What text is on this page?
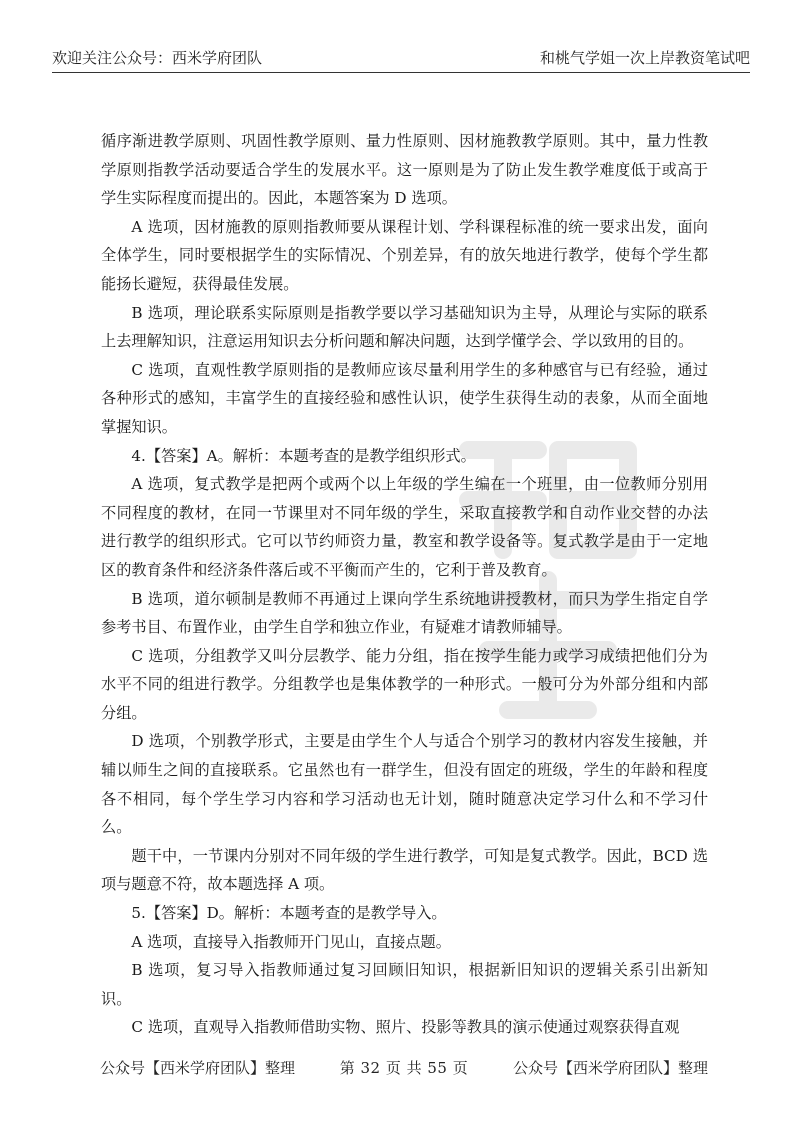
欢迎关注公众号：西米学府团队	和桃气学姐一次上岸教资笔试吧

循序渐进教学原则、巩固性教学原则、量力性原则、因材施教教学原则。其中，量力性教学原则指教学活动要适合学生的发展水平。这一原则是为了防止发生教学难度低于或高于学生实际程度而提出的。因此，本题答案为 D 选项。

A 选项，因材施教的原则指教师要从课程计划、学科课程标准的统一要求出发，面向全体学生，同时要根据学生的实际情况、个别差异，有的放矢地进行教学，使每个学生都能扬长避短，获得最佳发展。

B 选项，理论联系实际原则是指教学要以学习基础知识为主导，从理论与实际的联系上去理解知识，注意运用知识去分析问题和解决问题，达到学懂学会、学以致用的目的。

C 选项，直观性教学原则指的是教师应该尽量利用学生的多种感官与已有经验，通过各种形式的感知，丰富学生的直接经验和感性认识，使学生获得生动的表象，从而全面地掌握知识。

4.【答案】A。解析：本题考查的是教学组织形式。

A 选项，复式教学是把两个或两个以上年级的学生编在一个班里，由一位教师分别用不同程度的教材，在同一节课里对不同年级的学生，采取直接教学和自动作业交替的办法进行教学的组织形式。它可以节约师资力量，教室和教学设备等。复式教学是由于一定地区的教育条件和经济条件落后或不平衡而产生的，它利于普及教育。

B 选项，道尔顿制是教师不再通过上课向学生系统地讲授教材，而只为学生指定自学参考书目、布置作业，由学生自学和独立作业，有疑难才请教师辅导。

C 选项，分组教学又叫分层教学、能力分组，指在按学生能力或学习成绩把他们分为水平不同的组进行教学。分组教学也是集体教学的一种形式。一般可分为外部分组和内部分组。

D 选项，个别教学形式，主要是由学生个人与适合个别学习的教材内容发生接触，并辅以师生之间的直接联系。它虽然也有一群学生，但没有固定的班级，学生的年龄和程度各不相同，每个学生学习内容和学习活动也无计划，随时随意决定学习什么和不学习什么。

题干中，一节课内分别对不同年级的学生进行教学，可知是复式教学。因此，BCD 选项与题意不符，故本题选择 A 项。

5.【答案】D。解析：本题考查的是教学导入。

A 选项，直接导入指教师开门见山，直接点题。

B 选项，复习导入指教师通过复习回顾旧知识，根据新旧知识的逻辑关系引出新知识。

C 选项，直观导入指教师借助实物、照片、投影等教具的演示使通过观察获得直观

公众号【西米学府团队】整理	第 32 页 共 55 页	公众号【西米学府团队】整理
